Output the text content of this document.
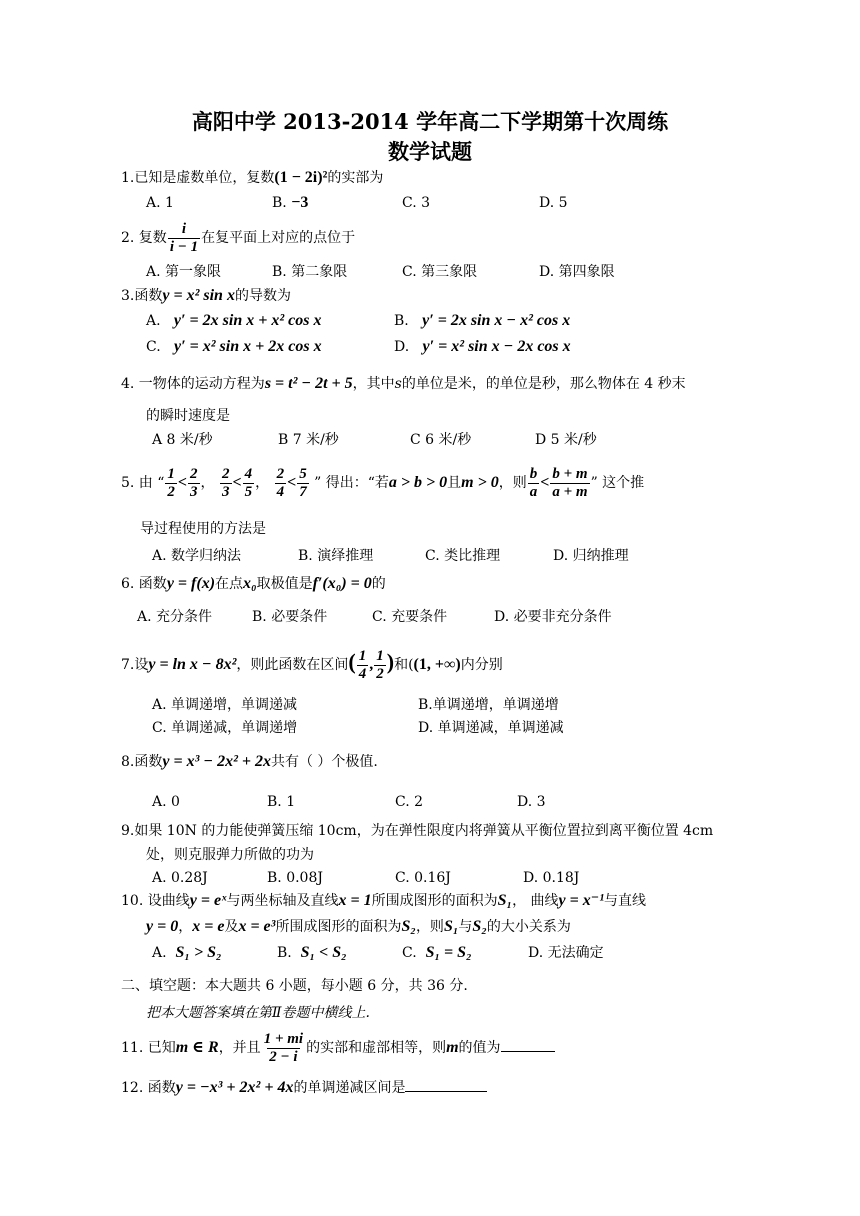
高阳中学 2013-2014 学年高二下学期第十次周练
数学试题
1.已知是虚数单位，复数(1 − 2i)²的实部为
A. 1	B. −3	C. 3	D. 5
2. 复数 $\frac{i}{i - 1}$ 在复平面上对应的点位于
A. 第一象限	B. 第二象限	C. 第三象限	D. 第四象限
3.函数y = x² sin x的导数为
A. y′ = 2x sin x + x² cos x	B. y′ = 2x sin x − x² cos x
C. y′ = x² sin x + 2x cos x	D. y′ = x² sin x − 2x cos x
4. 一物体的运动方程为s = t² − 2t + 5，其中s的单位是米，的单位是秒，那么物体在 4 秒末
的瞬时速度是
A 8 米/秒	B 7 米/秒	C 6 米/秒	D 5 米/秒
5. 由 “ $\frac{1}{2} < \frac{2}{3}$ ， $\frac{2}{3} < \frac{4}{5}$ ， $\frac{2}{4} < \frac{5}{7}$ ” 得出：“若a > b > 0且m > 0，则 $\frac{b}{a} < \frac{b + m}{a + m}$ ” 这个推
导过程使用的方法是
A. 数学归纳法	B. 演绎推理	C. 类比推理	D. 归纳推理
6. 函数y = f(x)在点x₀取极值是f′(x₀) = 0的
A. 充分条件	B. 必要条件	C. 充要条件	D. 必要非充分条件
7.设y = ln x − 8x²，则此函数在区间( $\frac{1}{4}$ , $\frac{1}{2}$ )和((1, +∞)内分别
A. 单调递增，单调递减	B.单调递增，单调递增
C. 单调递减，单调递增	D. 单调递减，单调递减
8.函数y = x³ − 2x² + 2x共有（ ）个极值.
A. 0	B. 1	C. 2	D. 3
9.如果 10N 的力能使弹簧压缩 10cm，为在弹性限度内将弹簧从平衡位置拉到离平衡位置 4cm
处，则克服弹力所做的功为
A. 0.28J	B. 0.08J	C. 0.16J	D. 0.18J
10. 设曲线y = eˣ与两坐标轴及直线x = 1所围成图形的面积为S₁， 曲线y = x⁻¹与直线
y = 0，x = e及x = e³所围成图形的面积为S₂，则S₁与S₂的大小关系为
A. S₁ > S₂	B. S₁ < S₂	C. S₁ = S₂	D. 无法确定
二、填空题：本大题共 6 小题，每小题 6 分，共 36 分.
把本大题答案填在第Ⅱ卷题中横线上.
11. 已知m ∈ R，并且 $\frac{1 + mi}{2 - i}$ 的实部和虚部相等，则m的值为
12. 函数y = −x³ + 2x² + 4x的单调递减区间是
